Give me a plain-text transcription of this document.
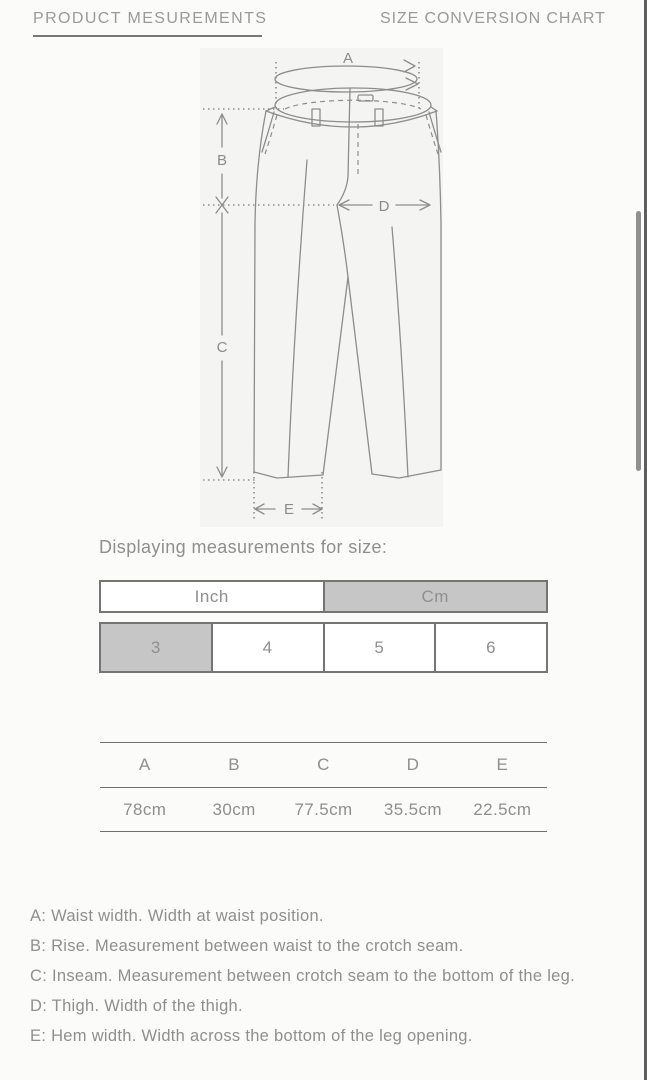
PRODUCT MESUREMENTS	SIZE CONVERSION CHART
A
B
D
C
E
Displaying measurements for size:
Inch	Cm
3	4	5	6
A	B	C	D	E
78cm	30cm	77.5cm	35.5cm	22.5cm
A: Waist width. Width at waist position.
B: Rise. Measurement between waist to the crotch seam.
C: Inseam. Measurement between crotch seam to the bottom of the leg.
D: Thigh. Width of the thigh.
E: Hem width. Width across the bottom of the leg opening.
